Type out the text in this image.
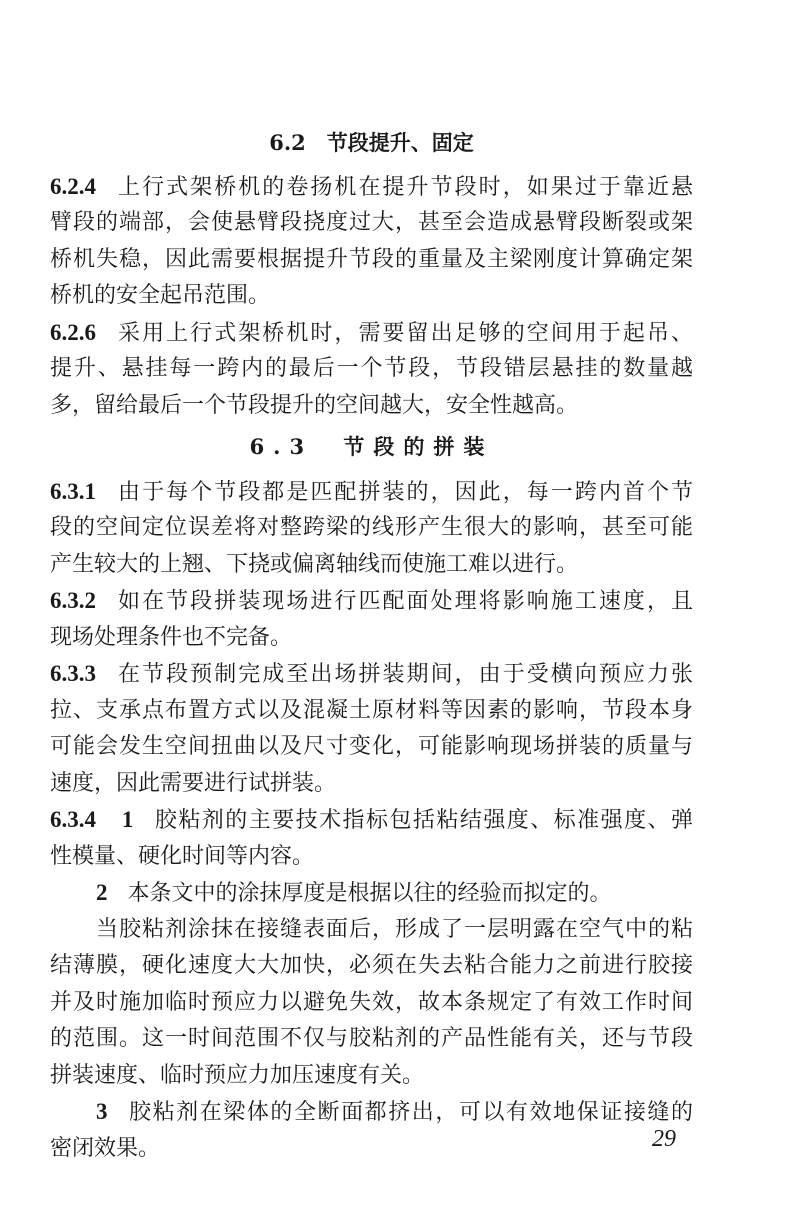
6.2　节段提升、固定
6.2.4 上行式架桥机的卷扬机在提升节段时，如果过于靠近悬
臂段的端部，会使悬臂段挠度过大，甚至会造成悬臂段断裂或架
桥机失稳，因此需要根据提升节段的重量及主梁刚度计算确定架
桥机的安全起吊范围。
6.2.6 采用上行式架桥机时，需要留出足够的空间用于起吊、
提升、悬挂每一跨内的最后一个节段，节段错层悬挂的数量越
多，留给最后一个节段提升的空间越大，安全性越高。
6.3 节段的拼装
6.3.1 由于每个节段都是匹配拼装的，因此，每一跨内首个节
段的空间定位误差将对整跨梁的线形产生很大的影响，甚至可能
产生较大的上翘、下挠或偏离轴线而使施工难以进行。
6.3.2 如在节段拼装现场进行匹配面处理将影响施工速度，且
现场处理条件也不完备。
6.3.3 在节段预制完成至出场拼装期间，由于受横向预应力张
拉、支承点布置方式以及混凝土原材料等因素的影响，节段本身
可能会发生空间扭曲以及尺寸变化，可能影响现场拼装的质量与
速度，因此需要进行试拼装。
6.3.4　1 胶粘剂的主要技术指标包括粘结强度、标准强度、弹
性模量、硬化时间等内容。
2 本条文中的涂抹厚度是根据以往的经验而拟定的。
当胶粘剂涂抹在接缝表面后，形成了一层明露在空气中的粘
结薄膜，硬化速度大大加快，必须在失去粘合能力之前进行胶接
并及时施加临时预应力以避免失效，故本条规定了有效工作时间
的范围。这一时间范围不仅与胶粘剂的产品性能有关，还与节段
拼装速度、临时预应力加压速度有关。
3 胶粘剂在梁体的全断面都挤出，可以有效地保证接缝的
密闭效果。	29
